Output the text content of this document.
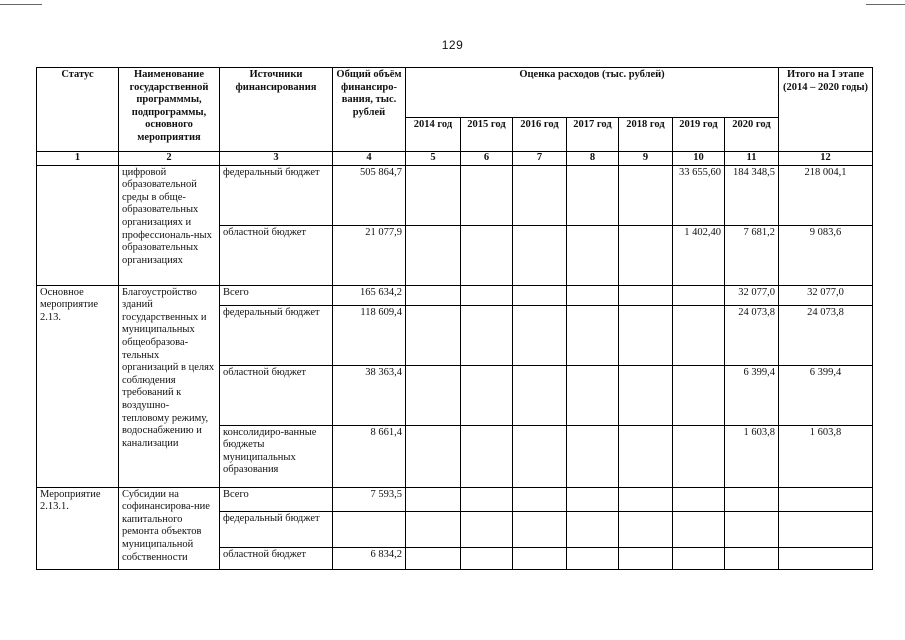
129
Статус	Наименование государственной программмы, подпрограммы, основного мероприятия	Источники финансирования	Общий объём финансиро-вания, тыс. рублей	Оценка расходов (тыс. рублей)							Итого на I этапе (2014 – 2020 годы)
				2014 год	2015 год	2016 год	2017 год	2018 год	2019 год	2020 год	
1	2	3	4	5	6	7	8	9	10	11	12
	цифровой образовательной среды в обще-образовательных организациях и профессиональ-ных образовательных организациях	федеральный бюджет	505 864,7						33 655,60	184 348,5	218 004,1
		областной бюджет	21 077,9						1 402,40	7 681,2	9 083,6
Основное мероприятие 2.13.	Благоустройство зданий государственных и муниципальных общеобразова-тельных организаций в целях соблюдения требований к воздушно-тепловому режиму, водоснабжению и канализации	Всего	165 634,2							32 077,0	32 077,0
		федеральный бюджет	118 609,4							24 073,8	24 073,8
		областной бюджет	38 363,4							6 399,4	6 399,4
		консолидиро-ванные бюджеты муниципальных образования	8 661,4							1 603,8	1 603,8
Мероприятие 2.13.1.	Субсидии на софинансирова-ние капитального ремонта объектов муниципальной собственности	Всего	7 593,5								
		федеральный бюджет									
		областной бюджет	6 834,2								
